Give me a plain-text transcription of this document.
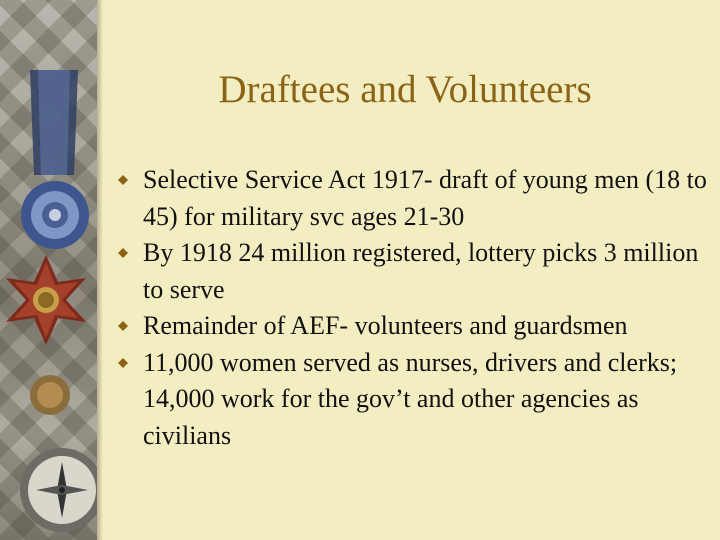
Draftees and Volunteers
Selective Service Act 1917- draft of young men (18 to 45) for military svc ages 21-30
By 1918 24 million registered, lottery picks 3 million to serve
Remainder of AEF- volunteers and guardsmen
11,000 women served as nurses, drivers and clerks; 14,000 work for the gov’t and other agencies as civilians
